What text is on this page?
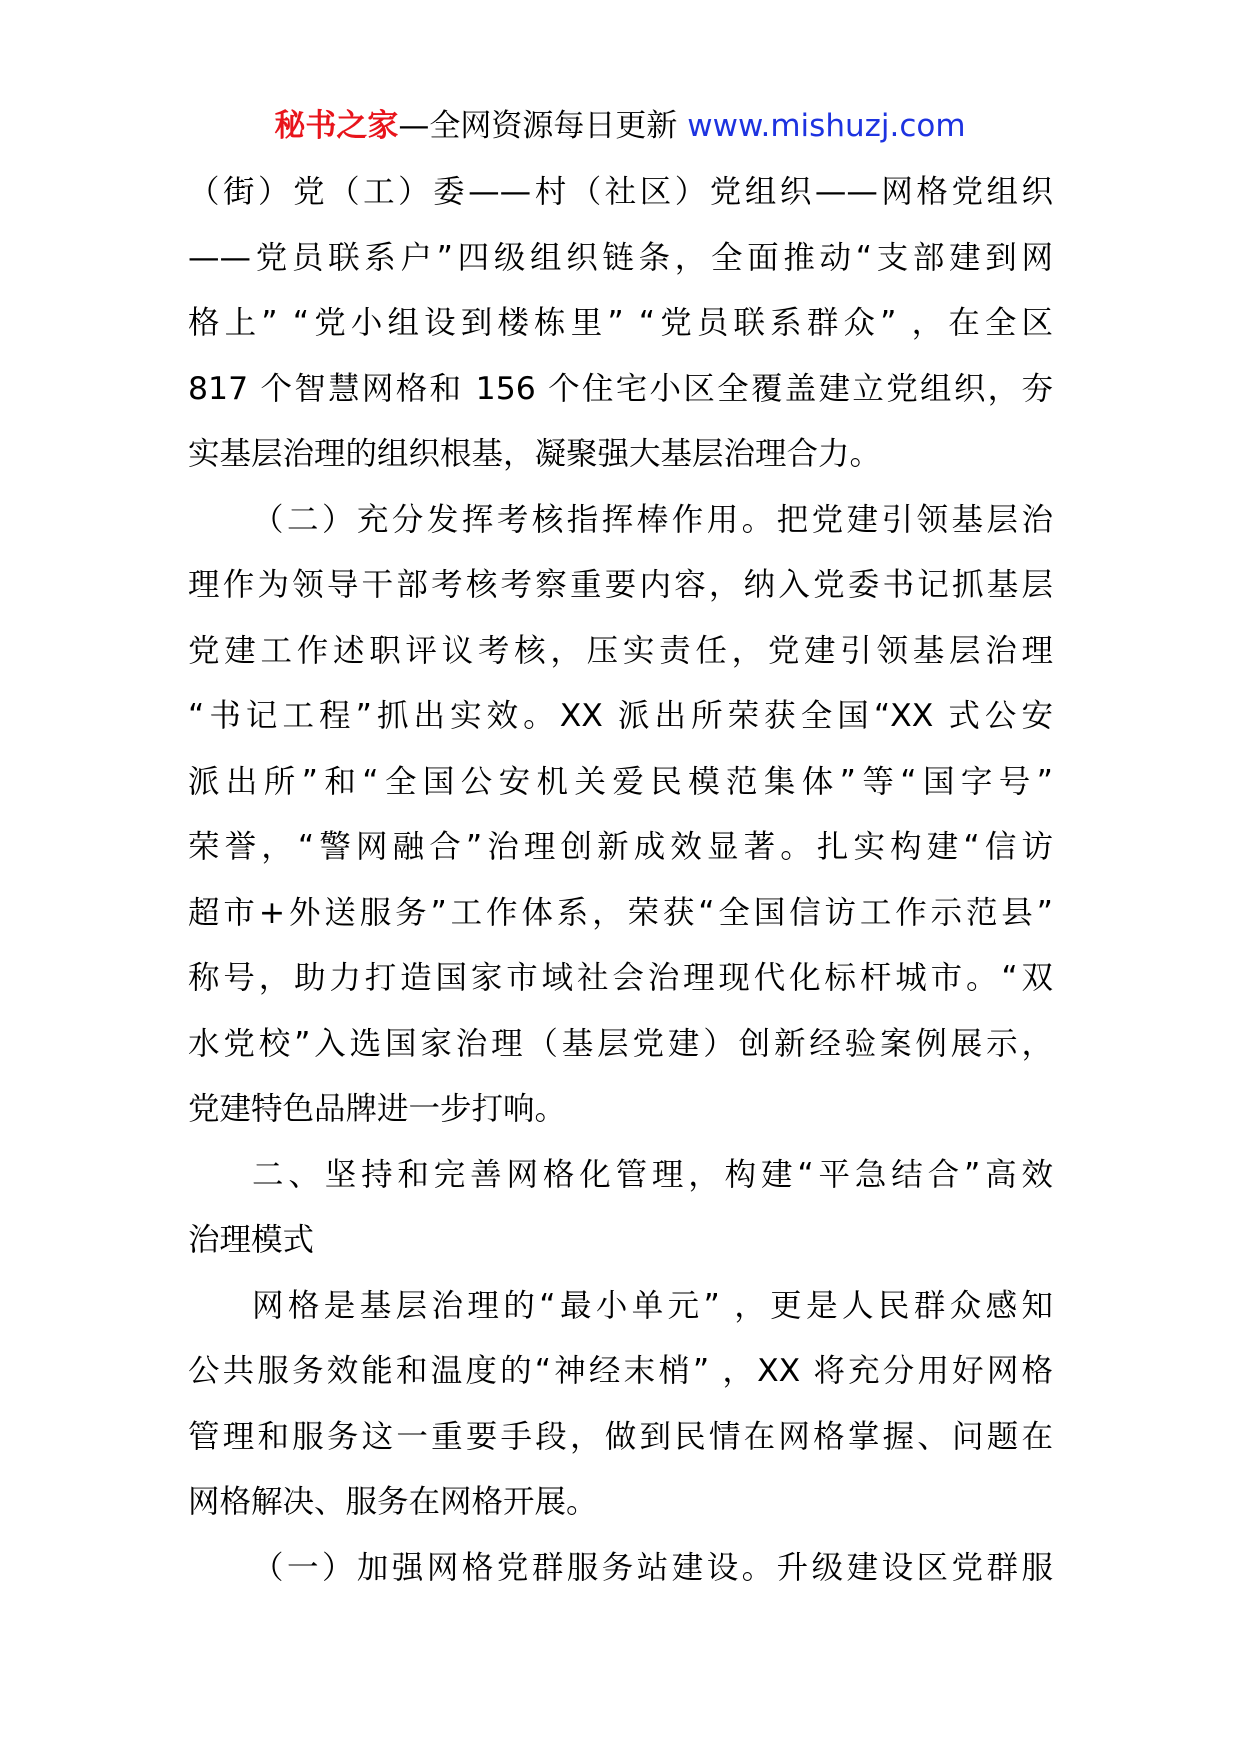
秘书之家—全网资源每日更新 www.mishuzj.com
（街）党（工）委——村（社区）党组织——网格党组织
——党员联系户”四级组织链条，全面推动“支部建到网
格上” “党小组设到楼栋里” “党员联系群众” ，在全区
817 个智慧网格和 156 个住宅小区全覆盖建立党组织，夯
实基层治理的组织根基，凝聚强大基层治理合力。
（二）充分发挥考核指挥棒作用。把党建引领基层治
理作为领导干部考核考察重要内容，纳入党委书记抓基层
党建工作述职评议考核，压实责任，党建引领基层治理
“书记工程”抓出实效。XX 派出所荣获全国“XX 式公安
派出所”和“全国公安机关爱民模范集体”等“国字号”
荣誉，“警网融合”治理创新成效显著。扎实构建“信访
超市+外送服务”工作体系，荣获“全国信访工作示范县”
称号，助力打造国家市域社会治理现代化标杆城市。“双
水党校”入选国家治理（基层党建）创新经验案例展示，
党建特色品牌进一步打响。
二、坚持和完善网格化管理，构建“平急结合”高效
治理模式
网格是基层治理的“最小单元” ，更是人民群众感知
公共服务效能和温度的“神经末梢” ，XX 将充分用好网格
管理和服务这一重要手段，做到民情在网格掌握、问题在
网格解决、服务在网格开展。
（一）加强网格党群服务站建设。升级建设区党群服
